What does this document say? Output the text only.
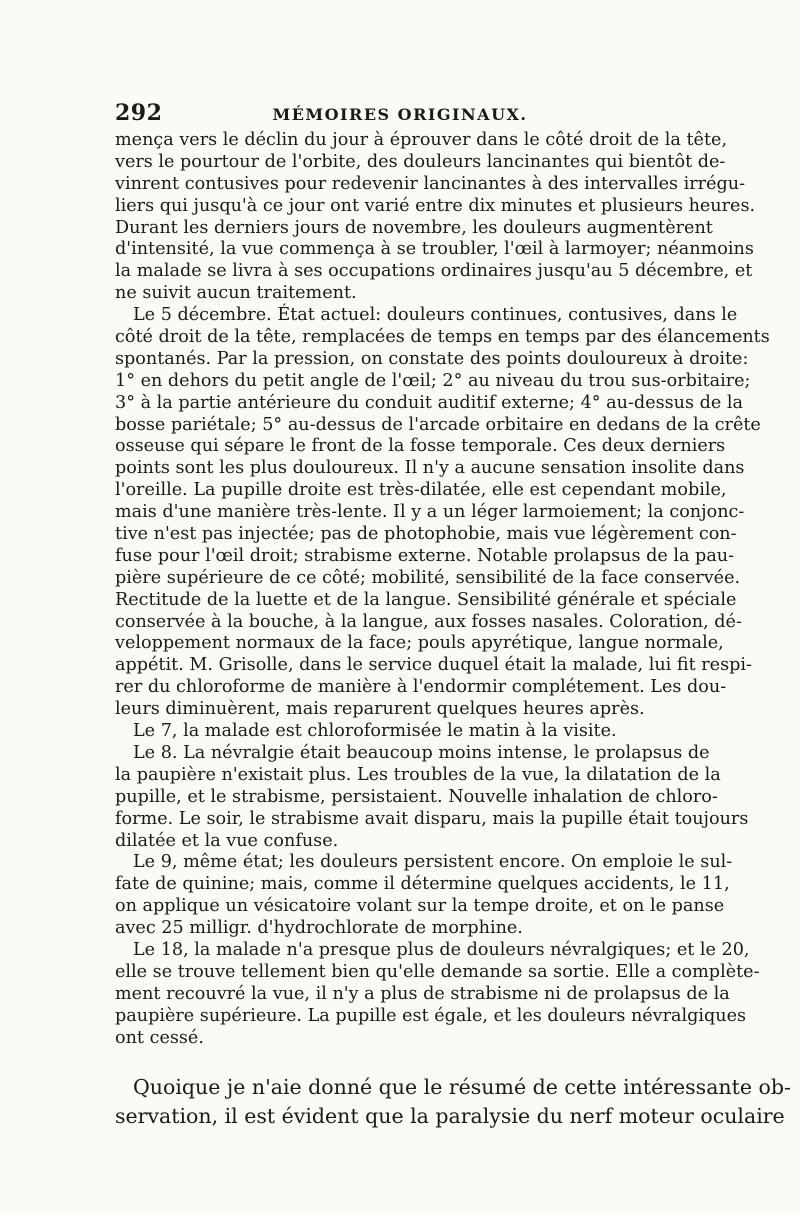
292	MÉMOIRES ORIGINAUX.
mença vers le déclin du jour à éprouver dans le côté droit de la tête,
vers le pourtour de l'orbite, des douleurs lancinantes qui bientôt de-
vinrent contusives pour redevenir lancinantes à des intervalles irrégu-
liers qui jusqu'à ce jour ont varié entre dix minutes et plusieurs heures.
Durant les derniers jours de novembre, les douleurs augmentèrent
d'intensité, la vue commença à se troubler, l'œil à larmoyer; néanmoins
la malade se livra à ses occupations ordinaires jusqu'au 5 décembre, et
ne suivit aucun traitement.
Le 5 décembre. État actuel: douleurs continues, contusives, dans le
côté droit de la tête, remplacées de temps en temps par des élancements
spontanés. Par la pression, on constate des points douloureux à droite:
1° en dehors du petit angle de l'œil; 2° au niveau du trou sus-orbitaire;
3° à la partie antérieure du conduit auditif externe; 4° au-dessus de la
bosse pariétale; 5° au-dessus de l'arcade orbitaire en dedans de la crête
osseuse qui sépare le front de la fosse temporale. Ces deux derniers
points sont les plus douloureux. Il n'y a aucune sensation insolite dans
l'oreille. La pupille droite est très-dilatée, elle est cependant mobile,
mais d'une manière très-lente. Il y a un léger larmoiement; la conjonc-
tive n'est pas injectée; pas de photophobie, mais vue légèrement con-
fuse pour l'œil droit; strabisme externe. Notable prolapsus de la pau-
pière supérieure de ce côté; mobilité, sensibilité de la face conservée.
Rectitude de la luette et de la langue. Sensibilité générale et spéciale
conservée à la bouche, à la langue, aux fosses nasales. Coloration, dé-
veloppement normaux de la face; pouls apyrétique, langue normale,
appétit. M. Grisolle, dans le service duquel était la malade, lui fit respi-
rer du chloroforme de manière à l'endormir complétement. Les dou-
leurs diminuèrent, mais reparurent quelques heures après.
Le 7, la malade est chloroformisée le matin à la visite.
Le 8. La névralgie était beaucoup moins intense, le prolapsus de
la paupière n'existait plus. Les troubles de la vue, la dilatation de la
pupille, et le strabisme, persistaient. Nouvelle inhalation de chloro-
forme. Le soir, le strabisme avait disparu, mais la pupille était toujours
dilatée et la vue confuse.
Le 9, même état; les douleurs persistent encore. On emploie le sul-
fate de quinine; mais, comme il détermine quelques accidents, le 11,
on applique un vésicatoire volant sur la tempe droite, et on le panse
avec 25 milligr. d'hydrochlorate de morphine.
Le 18, la malade n'a presque plus de douleurs névralgiques; et le 20,
elle se trouve tellement bien qu'elle demande sa sortie. Elle a complète-
ment recouvré la vue, il n'y a plus de strabisme ni de prolapsus de la
paupière supérieure. La pupille est égale, et les douleurs névralgiques
ont cessé.
Quoique je n'aie donné que le résumé de cette intéressante ob-
servation, il est évident que la paralysie du nerf moteur oculaire
